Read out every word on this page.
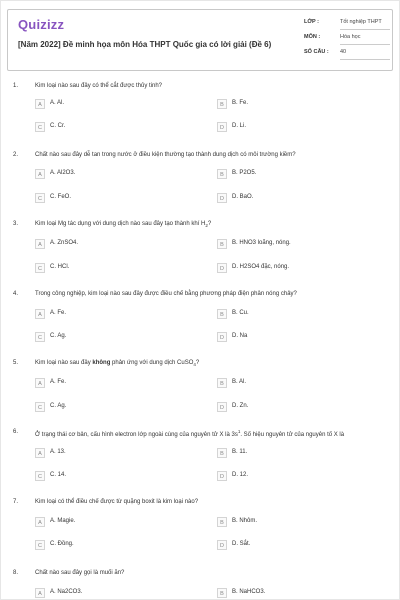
Quizizz
[Năm 2022] Đề minh họa môn Hóa THPT Quốc gia có lời giải (Đề 6)
LỚP :	Tốt nghiệp THPT
MÔN :	Hóa học
SỐ CÂU : 40
1.	Kim loại nào sau đây có thể cắt được thủy tinh?
A	A. Al.	B	B. Fe.
C	C. Cr.	D	D. Li.
2.	Chất nào sau đây dễ tan trong nước ở điều kiện thường tạo thành dung dịch có môi trường kiềm?
A	A. Al2O3.	B	B. P2O5.
C	C. FeO.	D	D. BaO.
3.	Kim loại Mg tác dụng với dung dịch nào sau đây tạo thành khí $H_2$?
A	A. ZnSO4.	B	B. HNO3 loãng, nóng.
C	C. HCl.	D	D. H2SO4 đặc, nóng.
4.	Trong công nghiệp, kim loại nào sau đây được điều chế bằng phương pháp điện phân nóng chảy?
A	A. Fe.	B	B. Cu.
C	C. Ag.	D	D. Na
5.	Kim loại nào sau đây không phản ứng với dung dịch CuSO$_4$?
A	A. Fe.	B	B. Al.
C	C. Ag.	D	D. Zn.
6.	Ở trạng thái cơ bản, cấu hình electron lớp ngoài cùng của nguyên tử X là $3s^1$. Số hiệu nguyên tử của nguyên tố X là
A	A. 13.	B	B. 11.
C	C. 14.	D	D. 12.
7.	Kim loại có thể điều chế được từ quặng boxit là kim loại nào?
A	A. Magie.	B	B. Nhôm.
C	C. Đồng.	D	D. Sắt.
8.	Chất nào sau đây gọi là muối ăn?
A	A. Na2CO3.	B	B. NaHCO3.
